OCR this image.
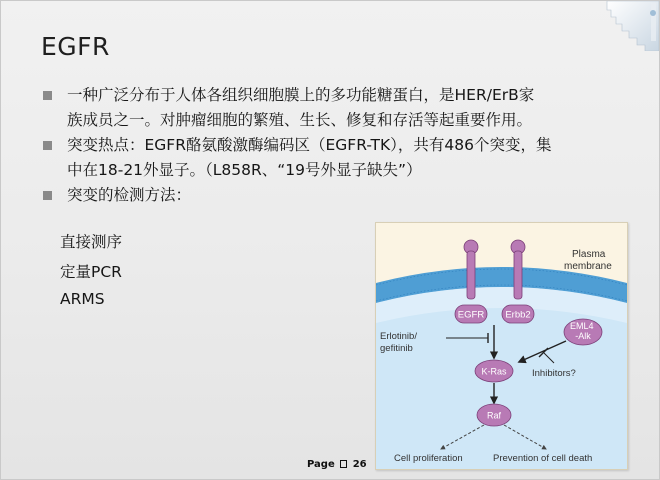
EGFR
一种广泛分布于人体各组织细胞膜上的多功能糖蛋白，是HER/ErB家
族成员之一。对肿瘤细胞的繁殖、生长、修复和存活等起重要作用。
突变热点：EGFR酪氨酸激酶编码区（EGFR-TK），共有486个突变，集
中在18-21外显子。（L858R、“19号外显子缺失”）
突变的检测方法：
直接测序
定量PCR
ARMS
Plasma membrane
EGFR Erbb2
Erlotinib/ gefitinib
EML4 -Alk
Inhibitors?
K-Ras
Raf
Cell proliferation	Prevention of cell death
Page 26
